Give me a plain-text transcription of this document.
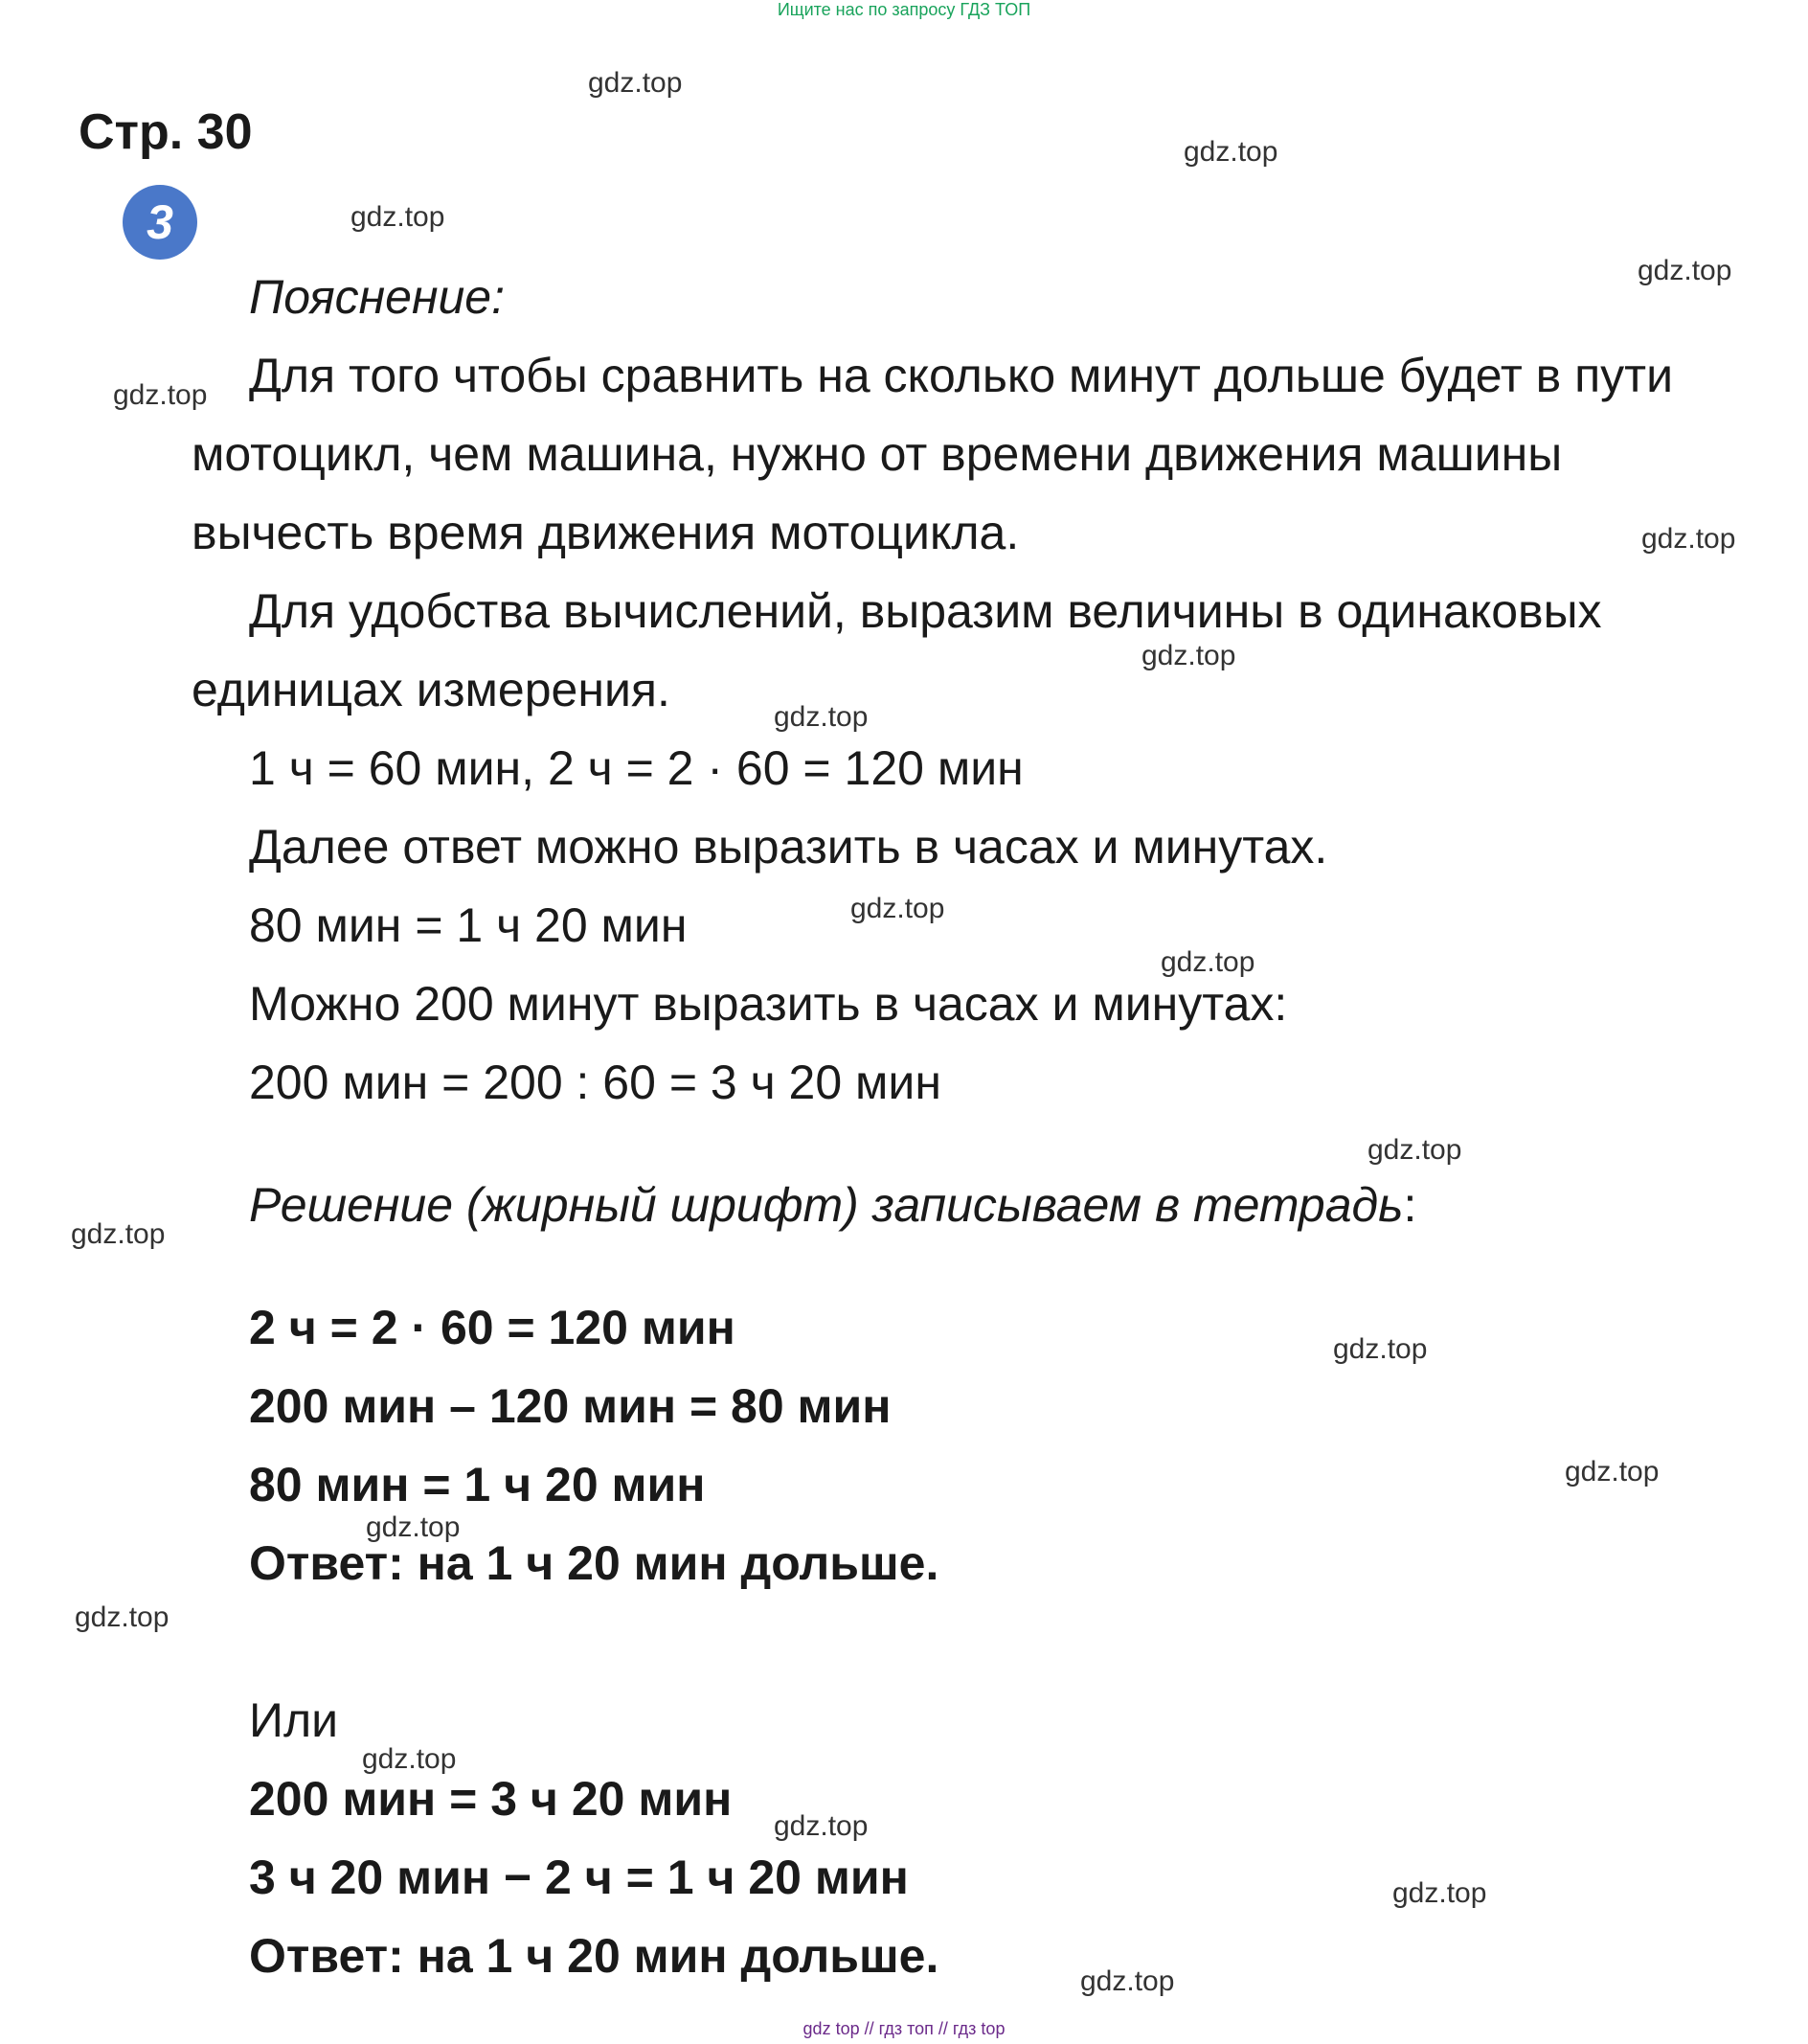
Ищите нас по запросу ГДЗ ТОП
Стр. 30
3
Пояснение:
Для того чтобы сравнить на сколько минут дольше будет в пути
мотоцикл, чем машина, нужно от времени движения машины
вычесть время движения мотоцикла.
Для удобства вычислений, выразим величины в одинаковых
единицах измерения.
1 ч = 60 мин, 2 ч = 2 · 60 = 120 мин
Далее ответ можно выразить в часах и минутах.
80 мин = 1 ч 20 мин
Можно 200 минут выразить в часах и минутах:
200 мин = 200 : 60 = 3 ч 20 мин
Решение (жирный шрифт) записываем в тетрадь:
2 ч = 2 · 60 = 120 мин
200 мин – 120 мин = 80 мин
80 мин = 1 ч 20 мин
Ответ: на 1 ч 20 мин дольше.
Или
200 мин = 3 ч 20 мин
3 ч 20 мин − 2 ч = 1 ч 20 мин
Ответ: на 1 ч 20 мин дольше.
gdz.top
gdz.top
gdz.top
gdz.top
gdz.top
gdz.top
gdz.top
gdz.top
gdz.top
gdz.top
gdz.top
gdz.top
gdz.top
gdz.top
gdz.top
gdz.top
gdz.top
gdz.top
gdz.top
gdz.top
gdz top // гдз топ // гдз top
